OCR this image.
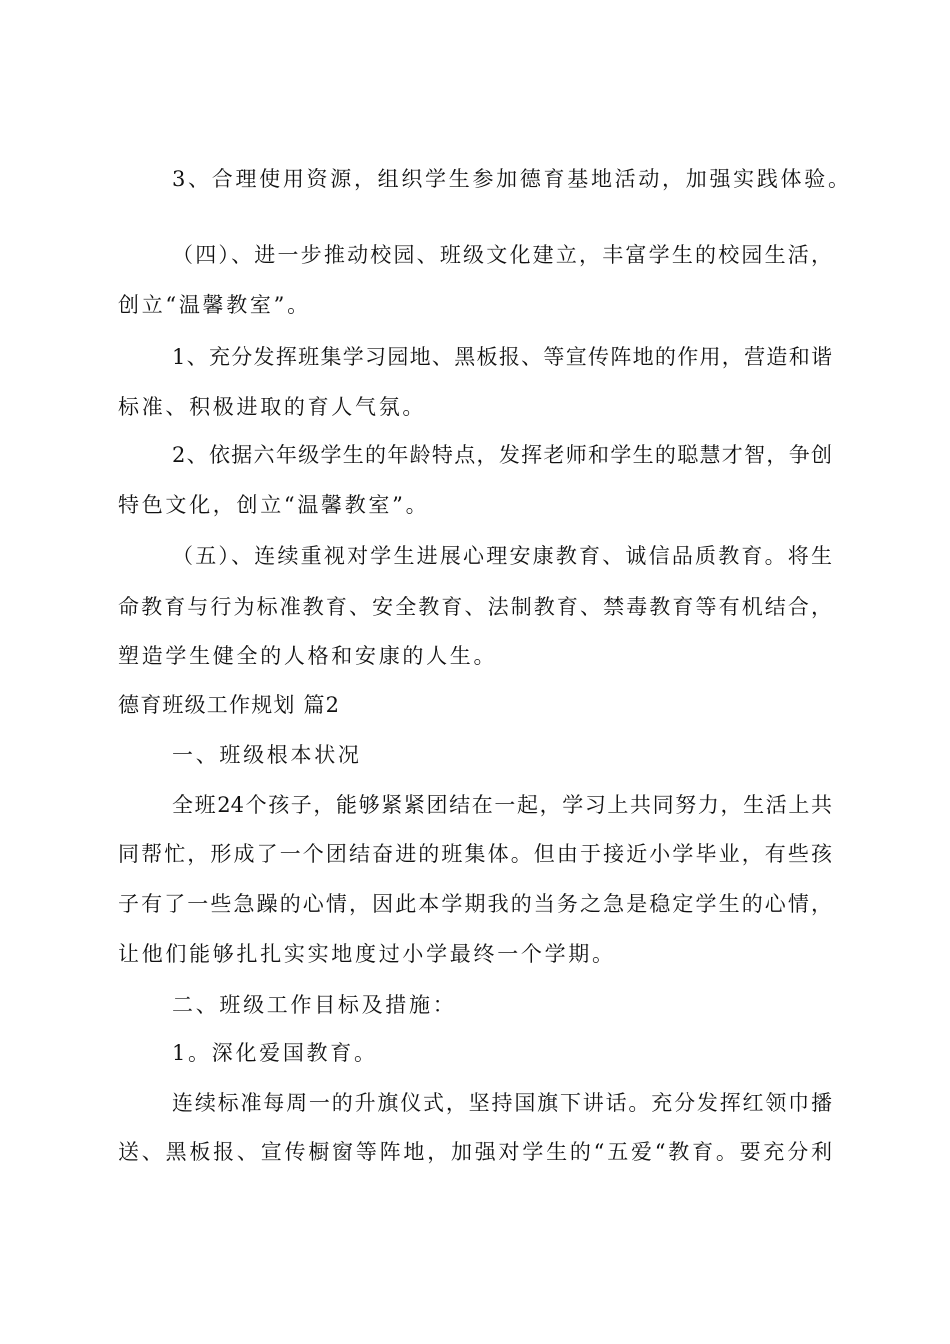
3、合理使用资源，组织学生参加德育基地活动，加强实践体验。
（四）、进一步推动校园、班级文化建立，丰富学生的校园生活，
创立“温馨教室”。
1、充分发挥班集学习园地、黑板报、等宣传阵地的作用，营造和谐
标准、积极进取的育人气氛。
2、依据六年级学生的年龄特点，发挥老师和学生的聪慧才智，争创
特色文化，创立“温馨教室”。
（五）、连续重视对学生进展心理安康教育、诚信品质教育。将生
命教育与行为标准教育、安全教育、法制教育、禁毒教育等有机结合，
塑造学生健全的人格和安康的人生。
德育班级工作规划 篇2
一、班级根本状况
全班24个孩子，能够紧紧团结在一起，学习上共同努力，生活上共
同帮忙，形成了一个团结奋进的班集体。但由于接近小学毕业，有些孩
子有了一些急躁的心情，因此本学期我的当务之急是稳定学生的心情，
让他们能够扎扎实实地度过小学最终一个学期。
二、班级工作目标及措施：
1。深化爱国教育。
连续标准每周一的升旗仪式，坚持国旗下讲话。充分发挥红领巾播
送、黑板报、宣传橱窗等阵地，加强对学生的“五爱“教育。要充分利
